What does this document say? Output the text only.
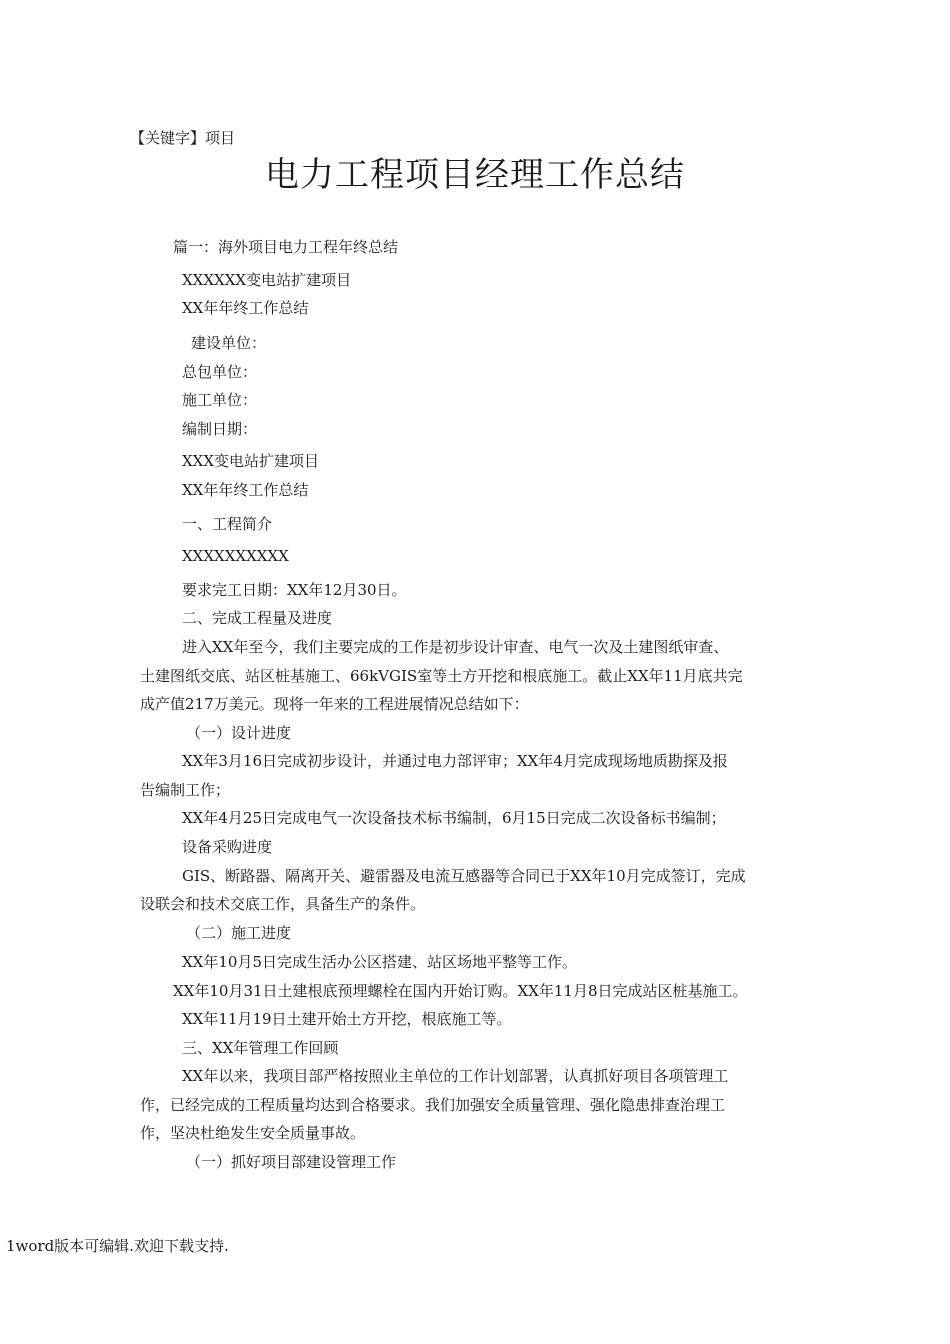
【关键字】项目
电力工程项目经理工作总结
篇一：海外项目电力工程年终总结
XXXXXX变电站扩建项目
XX年年终工作总结
建设单位：
总包单位：
施工单位：
编制日期：
XXX变电站扩建项目
XX年年终工作总结
一、工程简介
XXXXXXXXXX
要求完工日期：XX年12月30日。
二、完成工程量及进度
进入XX年至今，我们主要完成的工作是初步设计审查、电气一次及土建图纸审查、
土建图纸交底、站区桩基施工、66kVGIS室等土方开挖和根底施工。截止XX年11月底共完
成产值217万美元。现将一年来的工程进展情况总结如下：
（一）设计进度
XX年3月16日完成初步设计，并通过电力部评审；XX年4月完成现场地质勘探及报
告编制工作；
XX年4月25日完成电气一次设备技术标书编制，6月15日完成二次设备标书编制；
设备采购进度
GIS、断路器、隔离开关、避雷器及电流互感器等合同已于XX年10月完成签订，完成
设联会和技术交底工作，具备生产的条件。
（二）施工进度
XX年10月5日完成生活办公区搭建、站区场地平整等工作。
XX年10月31日土建根底预埋螺栓在国内开始订购。XX年11月8日完成站区桩基施工。
XX年11月19日土建开始土方开挖，根底施工等。
三、XX年管理工作回顾
XX年以来，我项目部严格按照业主单位的工作计划部署，认真抓好项目各项管理工
作，已经完成的工程质量均达到合格要求。我们加强安全质量管理、强化隐患排查治理工
作，坚决杜绝发生安全质量事故。
（一）抓好项目部建设管理工作
1word版本可编辑.欢迎下载支持.
